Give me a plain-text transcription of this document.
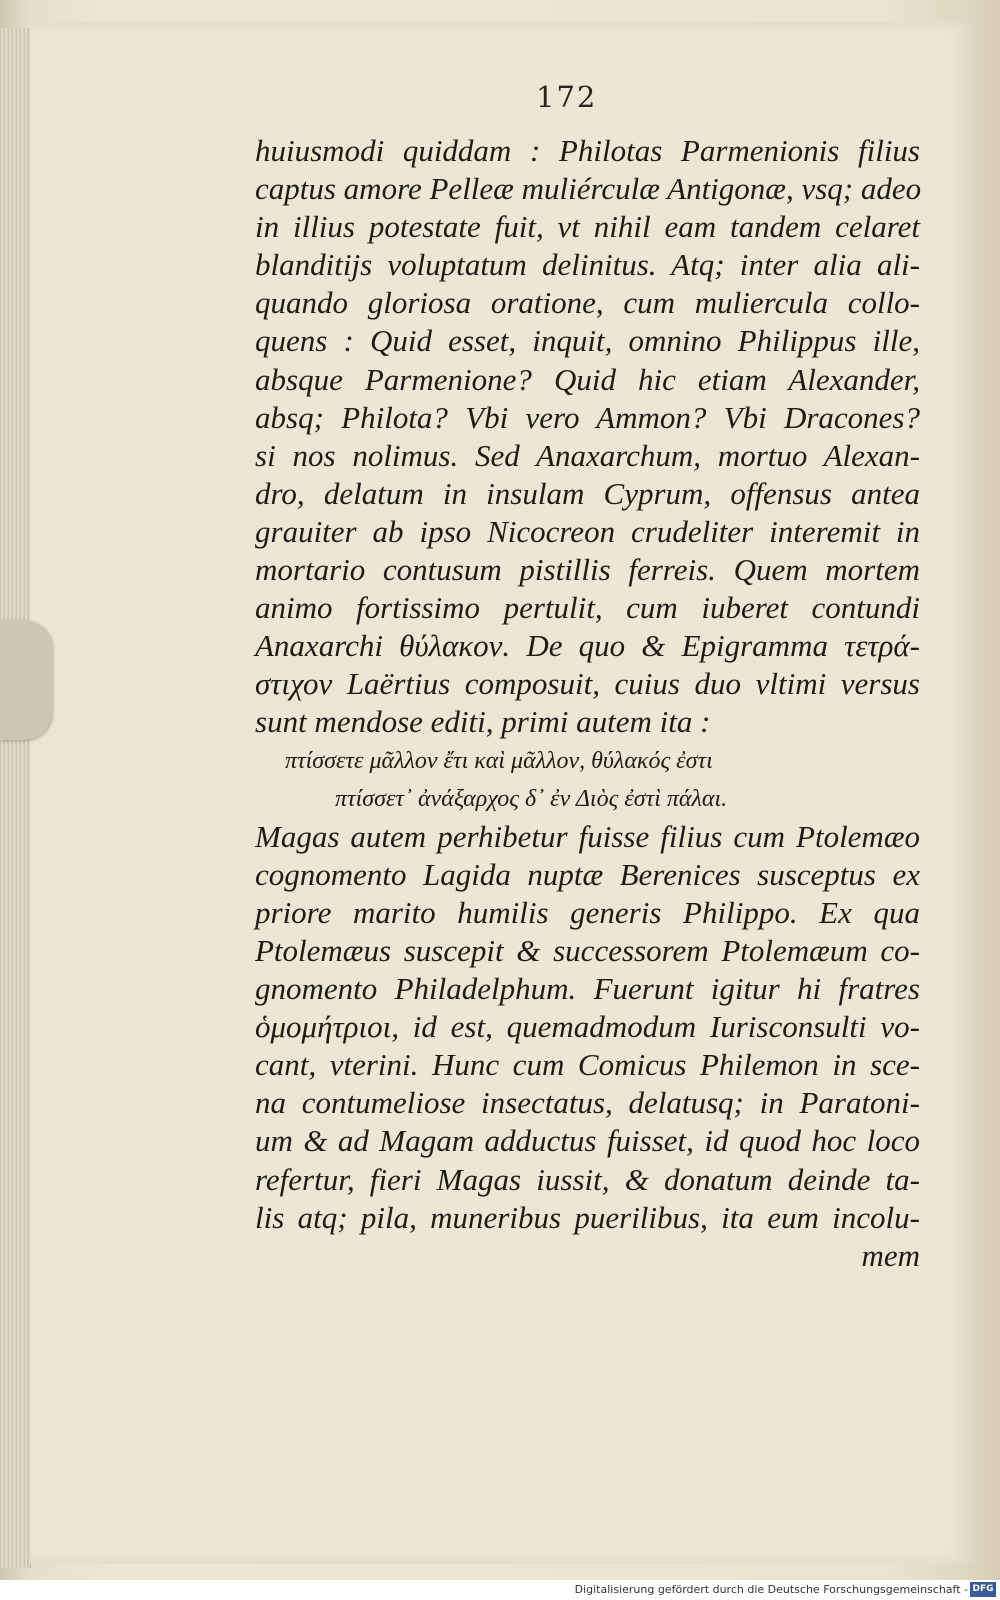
172
huiusmodi quiddam : Philotas Parmenionis filius
captus amore Pelleæ muliérculæ Antigonæ, vsq; adeo
in illius potestate fuit, vt nihil eam tandem celaret
blanditijs voluptatum delinitus. Atq; inter alia ali-
quando gloriosa oratione, cum muliercula collo-
quens : Quid esset, inquit, omnino Philippus ille,
absque Parmenione? Quid hic etiam Alexander,
absq; Philota? Vbi vero Ammon? Vbi Dracones?
si nos nolimus. Sed Anaxarchum, mortuo Alexan-
dro, delatum in insulam Cyprum, offensus antea
grauiter ab ipso Nicocreon crudeliter interemit in
mortario contusum pistillis ferreis. Quem mortem
animo fortissimo pertulit, cum iuberet contundi
Anaxarchi θύλακον. De quo & Epigramma τετρά-
στιχον Laërtius composuit, cuius duo vltimi versus
sunt mendose editi, primi autem ita :
πτίσσετε μᾶλλον ἔτι καὶ μᾶλλον, θύλακός ἐστι
πτίσσετ᾽ ἀνάξαρχος δ᾽ ἐν Διὸς ἐστὶ πάλαι.
Magas autem perhibetur fuisse filius cum Ptolemæo
cognomento Lagida nuptæ Berenices susceptus ex
priore marito humilis generis Philippo. Ex qua
Ptolemæus suscepit & successorem Ptolemæum co-
gnomento Philadelphum. Fuerunt igitur hi fratres
ὁμομήτριοι, id est, quemadmodum Iurisconsulti vo-
cant, vterini. Hunc cum Comicus Philemon in sce-
na contumeliose insectatus, delatusq; in Paratoni-
um & ad Magam adductus fuisset, id quod hoc loco
refertur, fieri Magas iussit, & donatum deinde ta-
lis atq; pila, muneribus puerilibus, ita eum incolu-
mem
Digitalisierung gefördert durch die Deutsche Forschungsgemeinschaft - DFG
